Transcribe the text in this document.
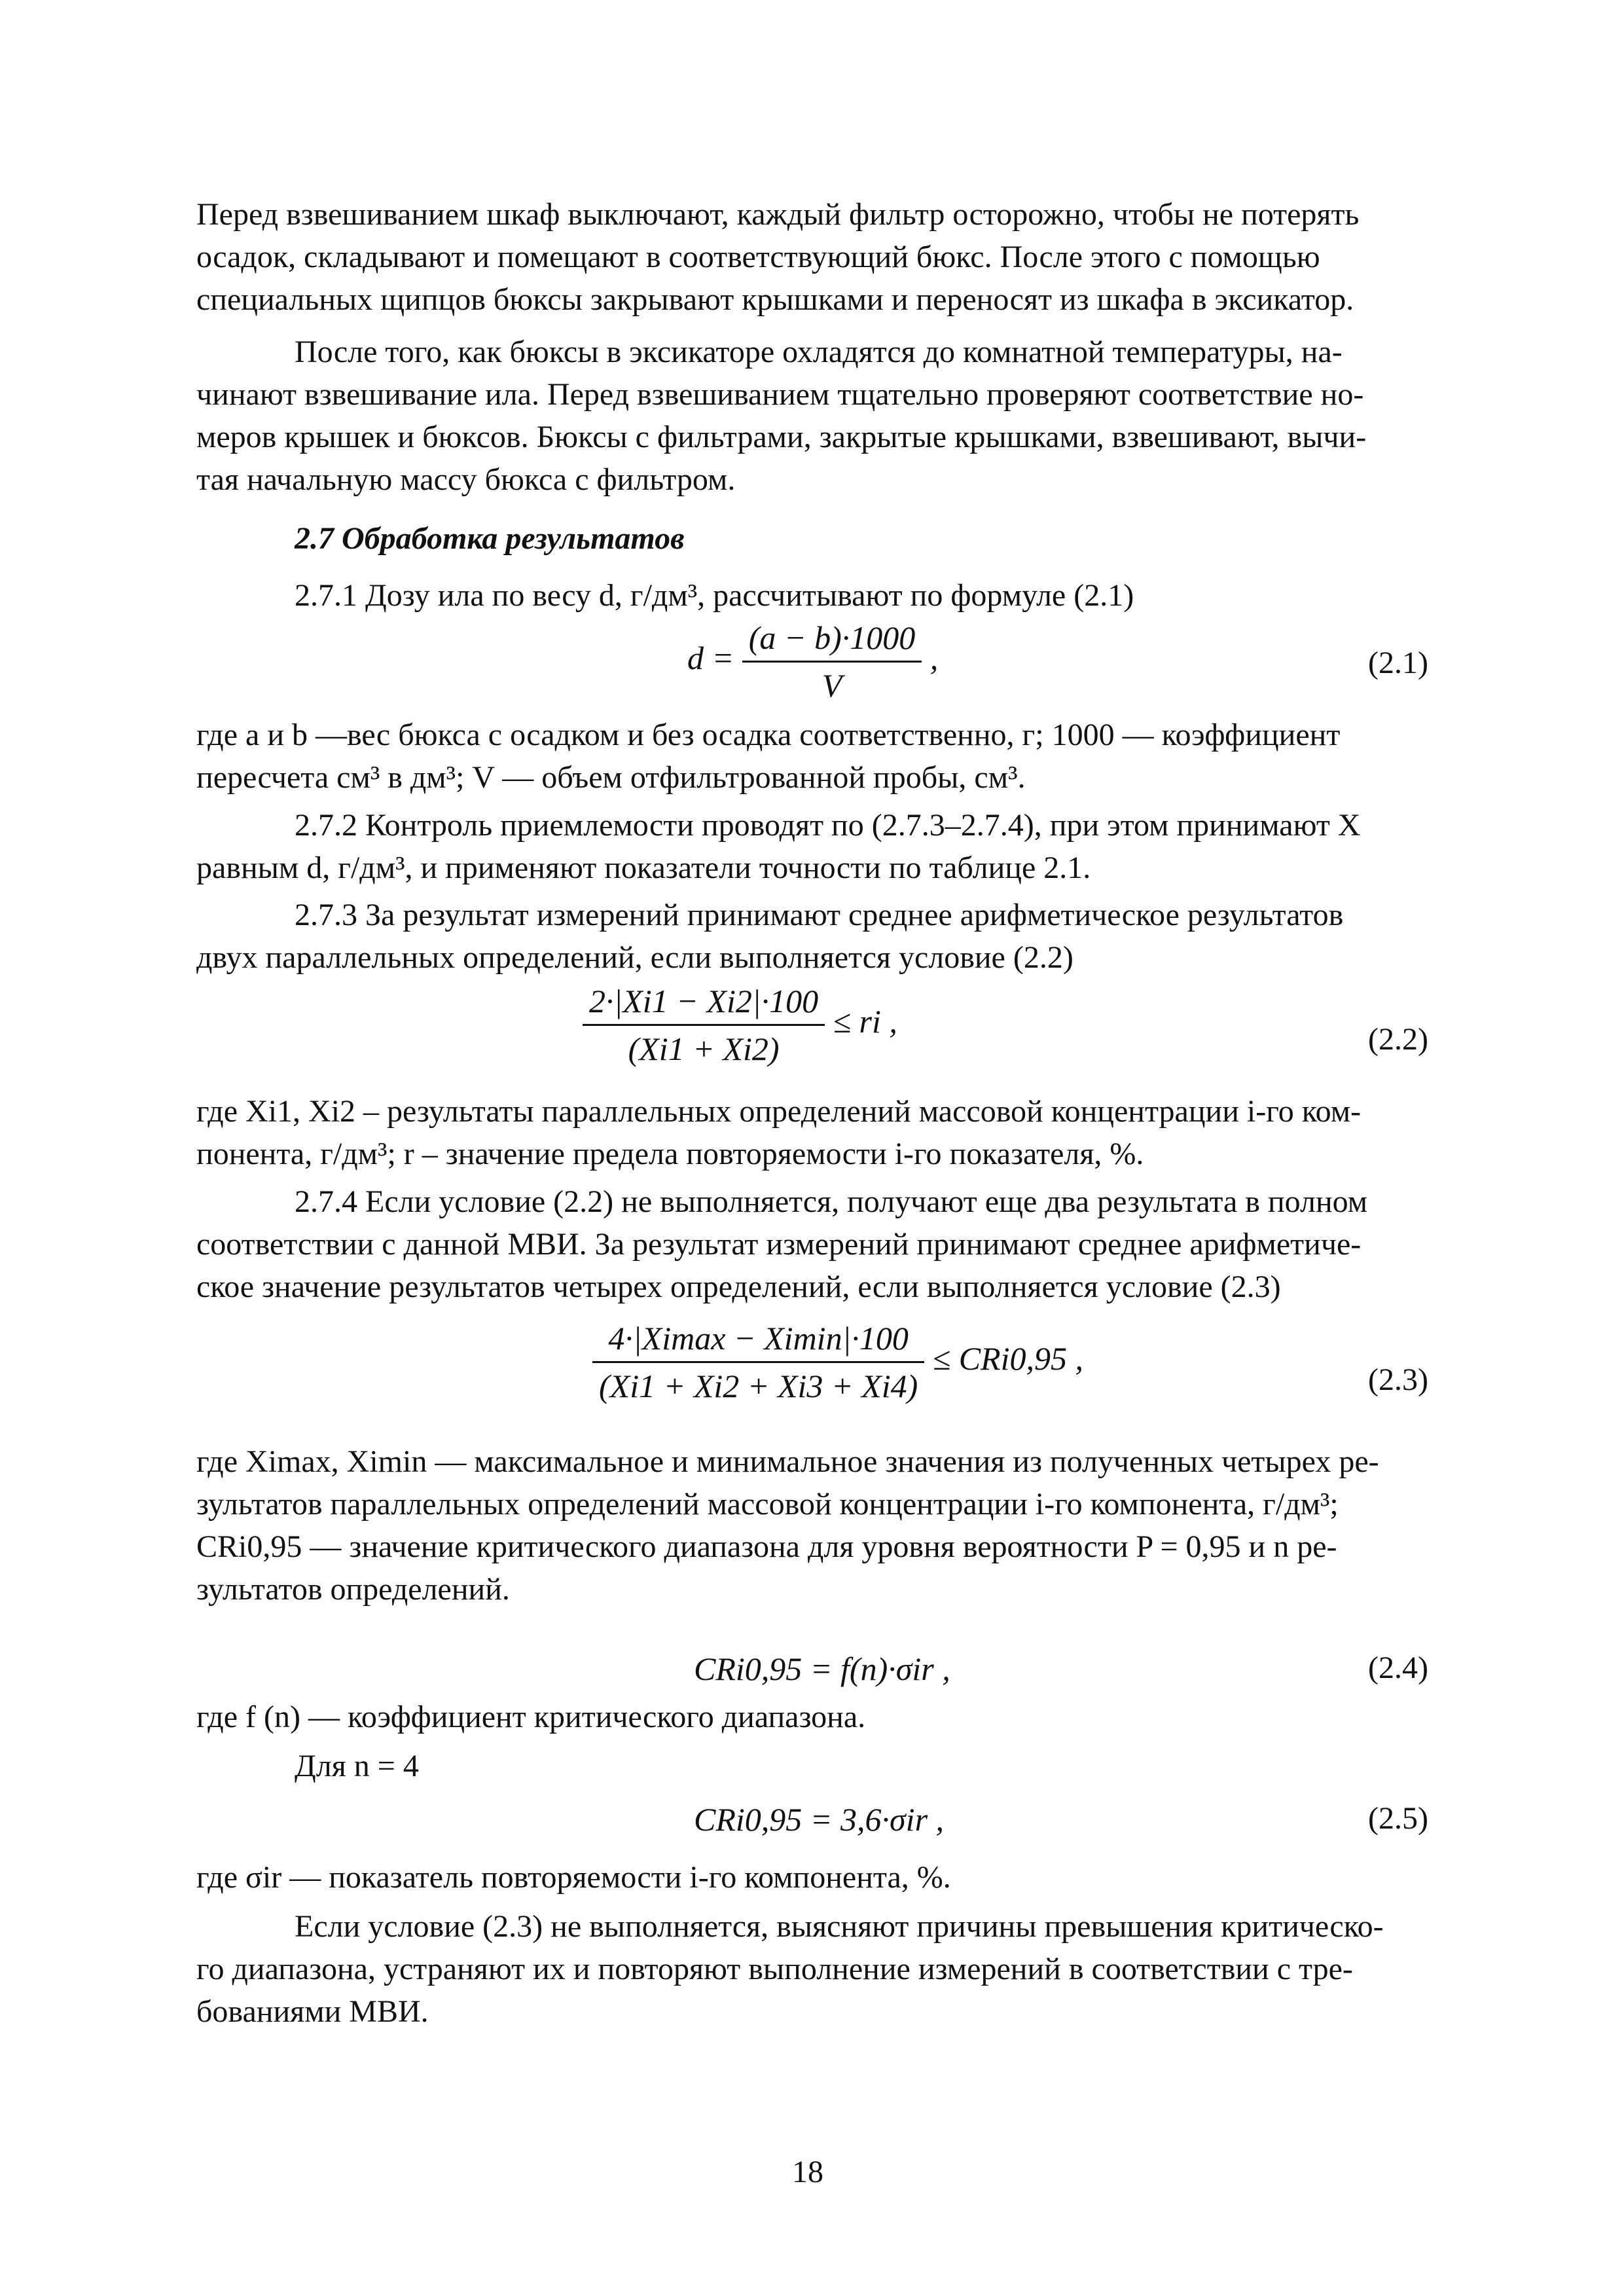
Перед взвешиванием шкаф выключают, каждый фильтр осторожно, чтобы не потерять
осадок, складывают и помещают в соответствующий бюкс. После этого с помощью
специальных щипцов бюксы закрывают крышками и переносят из шкафа в эксикатор.
После того, как бюксы в эксикаторе охладятся до комнатной температуры, на-
чинают взвешивание ила. Перед взвешиванием тщательно проверяют соответствие но-
меров крышек и бюксов. Бюксы с фильтрами, закрытые крышками, взвешивают, вычи-
тая начальную массу бюкса с фильтром.
2.7 Обработка результатов
2.7.1 Дозу ила по весу d, г/дм³, рассчитывают по формуле (2.1)
$d = \frac{(a - b)\cdot 1000}{V}$ ,	(2.1)
где a и b —вес бюкса с осадком и без осадка соответственно, г; 1000 — коэффициент
пересчета см³ в дм³; V — объем отфильтрованной пробы, см³.
2.7.2 Контроль приемлемости проводят по (2.7.3–2.7.4), при этом принимают X
равным d, г/дм³, и применяют показатели точности по таблице 2.1.
2.7.3 За результат измерений принимают среднее арифметическое результатов
двух параллельных определений, если выполняется условие (2.2)
$\frac{2\cdot|Xi1 - Xi2|\cdot 100}{(Xi1 + Xi2)}$ ≤ ri ,	(2.2)
где Xi1, Xi2 – результаты параллельных определений массовой концентрации i-го ком-
понента, г/дм³; r – значение предела повторяемости i-го показателя, %.
2.7.4 Если условие (2.2) не выполняется, получают еще два результата в полном
соответствии с данной МВИ. За результат измерений принимают среднее арифметиче-
ское значение результатов четырех определений, если выполняется условие (2.3)
$\frac{4\cdot|Ximax - Ximin|\cdot 100}{(Xi1 + Xi2 + Xi3 + Xi4)} \le CRi0,95$ ,
(2.3)
где Ximax, Ximin — максимальное и минимальное значения из полученных четырех ре-
зультатов параллельных определений массовой концентрации i-го компонента, г/дм³;
CRi0,95 — значение критического диапазона для уровня вероятности P = 0,95 и n ре-
зультатов определений.
CRi0,95 = f(n)·σir ,	(2.4)
где f (n) — коэффициент критического диапазона.
Для n = 4
CRi0,95 = 3,6·σir ,	(2.5)
где σir — показатель повторяемости i-го компонента, %.
Если условие (2.3) не выполняется, выясняют причины превышения критическо-
го диапазона, устраняют их и повторяют выполнение измерений в соответствии с тре-
бованиями МВИ.
18
